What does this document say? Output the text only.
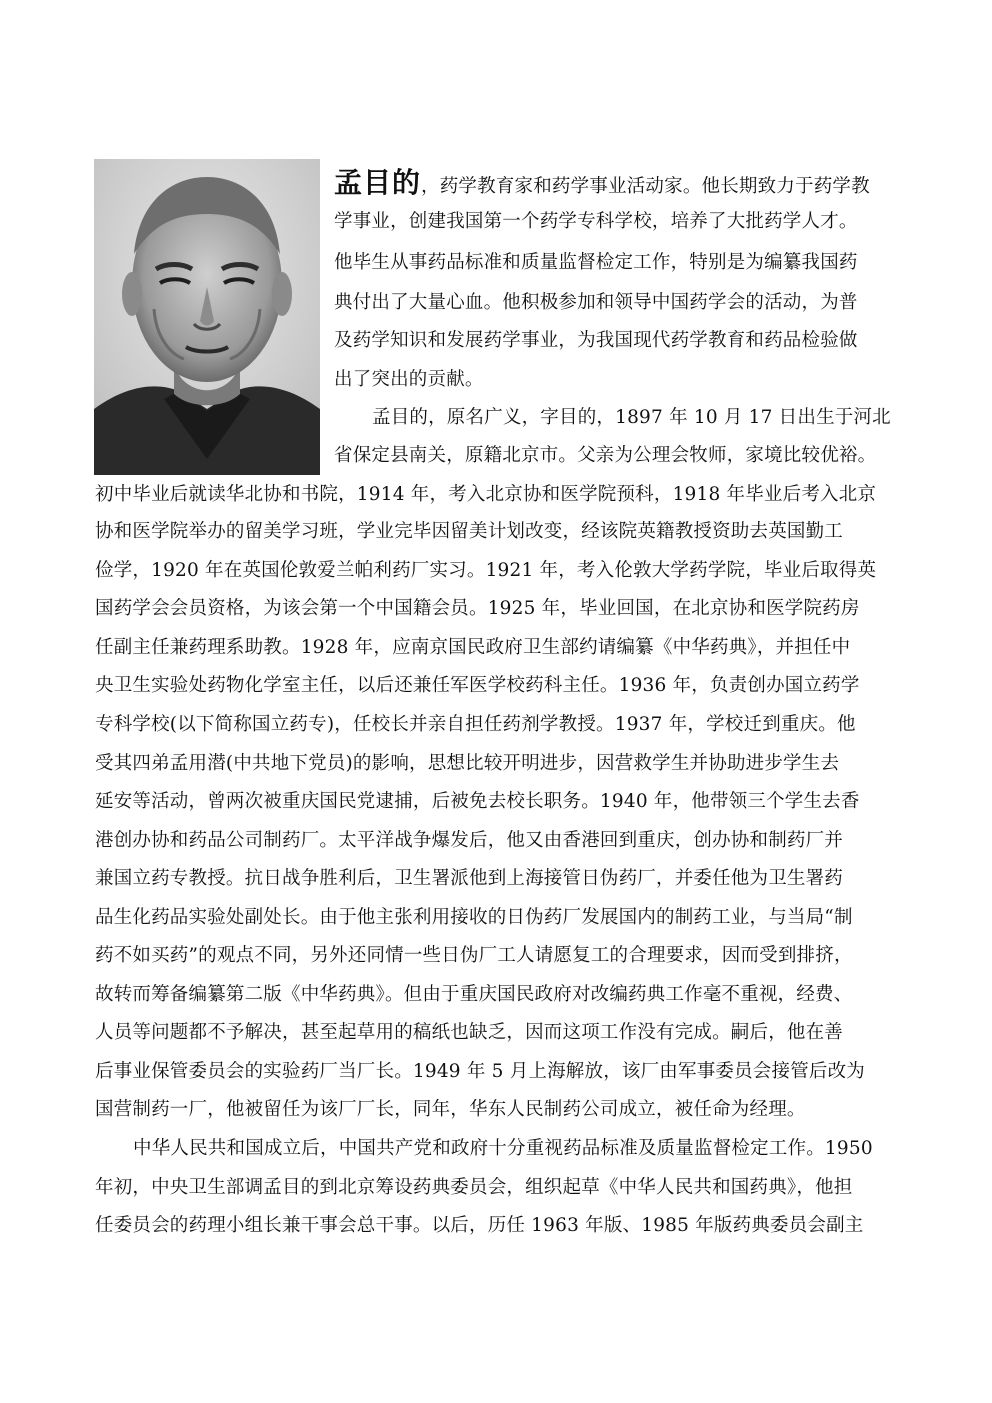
孟目的，药学教育家和药学事业活动家。他长期致力于药学教
学事业，创建我国第一个药学专科学校，培养了大批药学人才。
他毕生从事药品标准和质量监督检定工作，特别是为编纂我国药
典付出了大量心血。他积极参加和领导中国药学会的活动，为普
及药学知识和发展药学事业，为我国现代药学教育和药品检验做
出了突出的贡献。
孟目的，原名广义，字目的，1897 年 10 月 17 日出生于河北
省保定县南关，原籍北京市。父亲为公理会牧师，家境比较优裕。
初中毕业后就读华北协和书院，1914 年，考入北京协和医学院预科，1918 年毕业后考入北京
协和医学院举办的留美学习班，学业完毕因留美计划改变，经该院英籍教授资助去英国勤工
俭学，1920 年在英国伦敦爱兰帕利药厂实习。1921 年，考入伦敦大学药学院，毕业后取得英
国药学会会员资格，为该会第一个中国籍会员。1925 年，毕业回国，在北京协和医学院药房
任副主任兼药理系助教。1928 年，应南京国民政府卫生部约请编纂《中华药典》，并担任中
央卫生实验处药物化学室主任，以后还兼任军医学校药科主任。1936 年，负责创办国立药学
专科学校(以下简称国立药专)，任校长并亲自担任药剂学教授。1937 年，学校迁到重庆。他
受其四弟孟用潜(中共地下党员)的影响，思想比较开明进步，因营救学生并协助进步学生去
延安等活动，曾两次被重庆国民党逮捕，后被免去校长职务。1940 年，他带领三个学生去香
港创办协和药品公司制药厂。太平洋战争爆发后，他又由香港回到重庆，创办协和制药厂并
兼国立药专教授。抗日战争胜利后，卫生署派他到上海接管日伪药厂，并委任他为卫生署药
品生化药品实验处副处长。由于他主张利用接收的日伪药厂发展国内的制药工业，与当局“制
药不如买药”的观点不同，另外还同情一些日伪厂工人请愿复工的合理要求，因而受到排挤，
故转而筹备编纂第二版《中华药典》。但由于重庆国民政府对改编药典工作毫不重视，经费、
人员等问题都不予解决，甚至起草用的稿纸也缺乏，因而这项工作没有完成。嗣后，他在善
后事业保管委员会的实验药厂当厂长。1949 年 5 月上海解放，该厂由军事委员会接管后改为
国营制药一厂，他被留任为该厂厂长，同年，华东人民制药公司成立，被任命为经理。
中华人民共和国成立后，中国共产党和政府十分重视药品标准及质量监督检定工作。1950
年初，中央卫生部调孟目的到北京筹设药典委员会，组织起草《中华人民共和国药典》，他担
任委员会的药理小组长兼干事会总干事。以后，历任 1963 年版、1985 年版药典委员会副主
